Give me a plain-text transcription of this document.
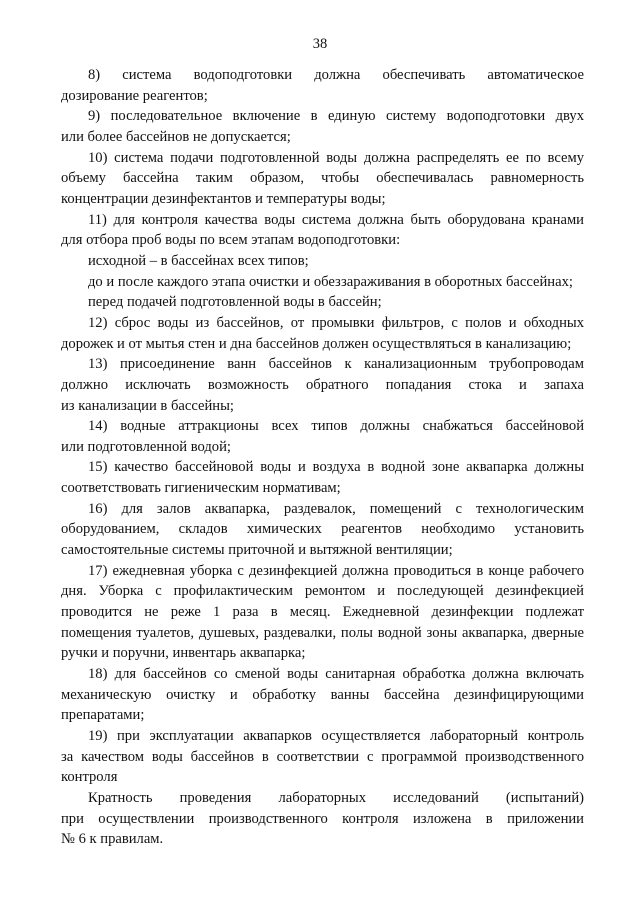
38

8) система водоподготовки должна обеспечивать автоматическое

дозирование реагентов;

9) последовательное включение в единую систему водоподготовки двух

или более бассейнов не допускается;

10) система подачи подготовленной воды должна распределять ее по всему

объему бассейна таким образом, чтобы обеспечивалась равномерность

концентрации дезинфектантов и температуры воды;

11) для контроля качества воды система должна быть оборудована кранами

для отбора проб воды по всем этапам водоподготовки:

исходной – в бассейнах всех типов;

до и после каждого этапа очистки и обеззараживания в оборотных бассейнах;

перед подачей подготовленной воды в бассейн;

12) сброс воды из бассейнов, от промывки фильтров, с полов и обходных

дорожек и от мытья стен и дна бассейнов должен осуществляться в канализацию;

13) присоединение ванн бассейнов к канализационным трубопроводам

должно исключать возможность обратного попадания стока и запаха

из канализации в бассейны;

14) водные аттракционы всех типов должны снабжаться бассейновой

или подготовленной водой;

15) качество бассейновой воды и воздуха в водной зоне аквапарка должны

соответствовать гигиеническим нормативам;

16) для залов аквапарка, раздевалок, помещений с технологическим

оборудованием, складов химических реагентов необходимо установить

самостоятельные системы приточной и вытяжной вентиляции;

17) ежедневная уборка с дезинфекцией должна проводиться в конце рабочего

дня. Уборка с профилактическим ремонтом и последующей дезинфекцией

проводится не реже 1 раза в месяц. Ежедневной дезинфекции подлежат

помещения туалетов, душевых, раздевалки, полы водной зоны аквапарка, дверные

ручки и поручни, инвентарь аквапарка;

18) для бассейнов со сменой воды санитарная обработка должна включать

механическую очистку и обработку ванны бассейна дезинфицирующими

препаратами;

19) при эксплуатации аквапарков осуществляется лабораторный контроль

за качеством воды бассейнов в соответствии с программой производственного

контроля

Кратность проведения лабораторных исследований (испытаний)

при осуществлении производственного контроля изложена в приложении

№ 6 к правилам.
